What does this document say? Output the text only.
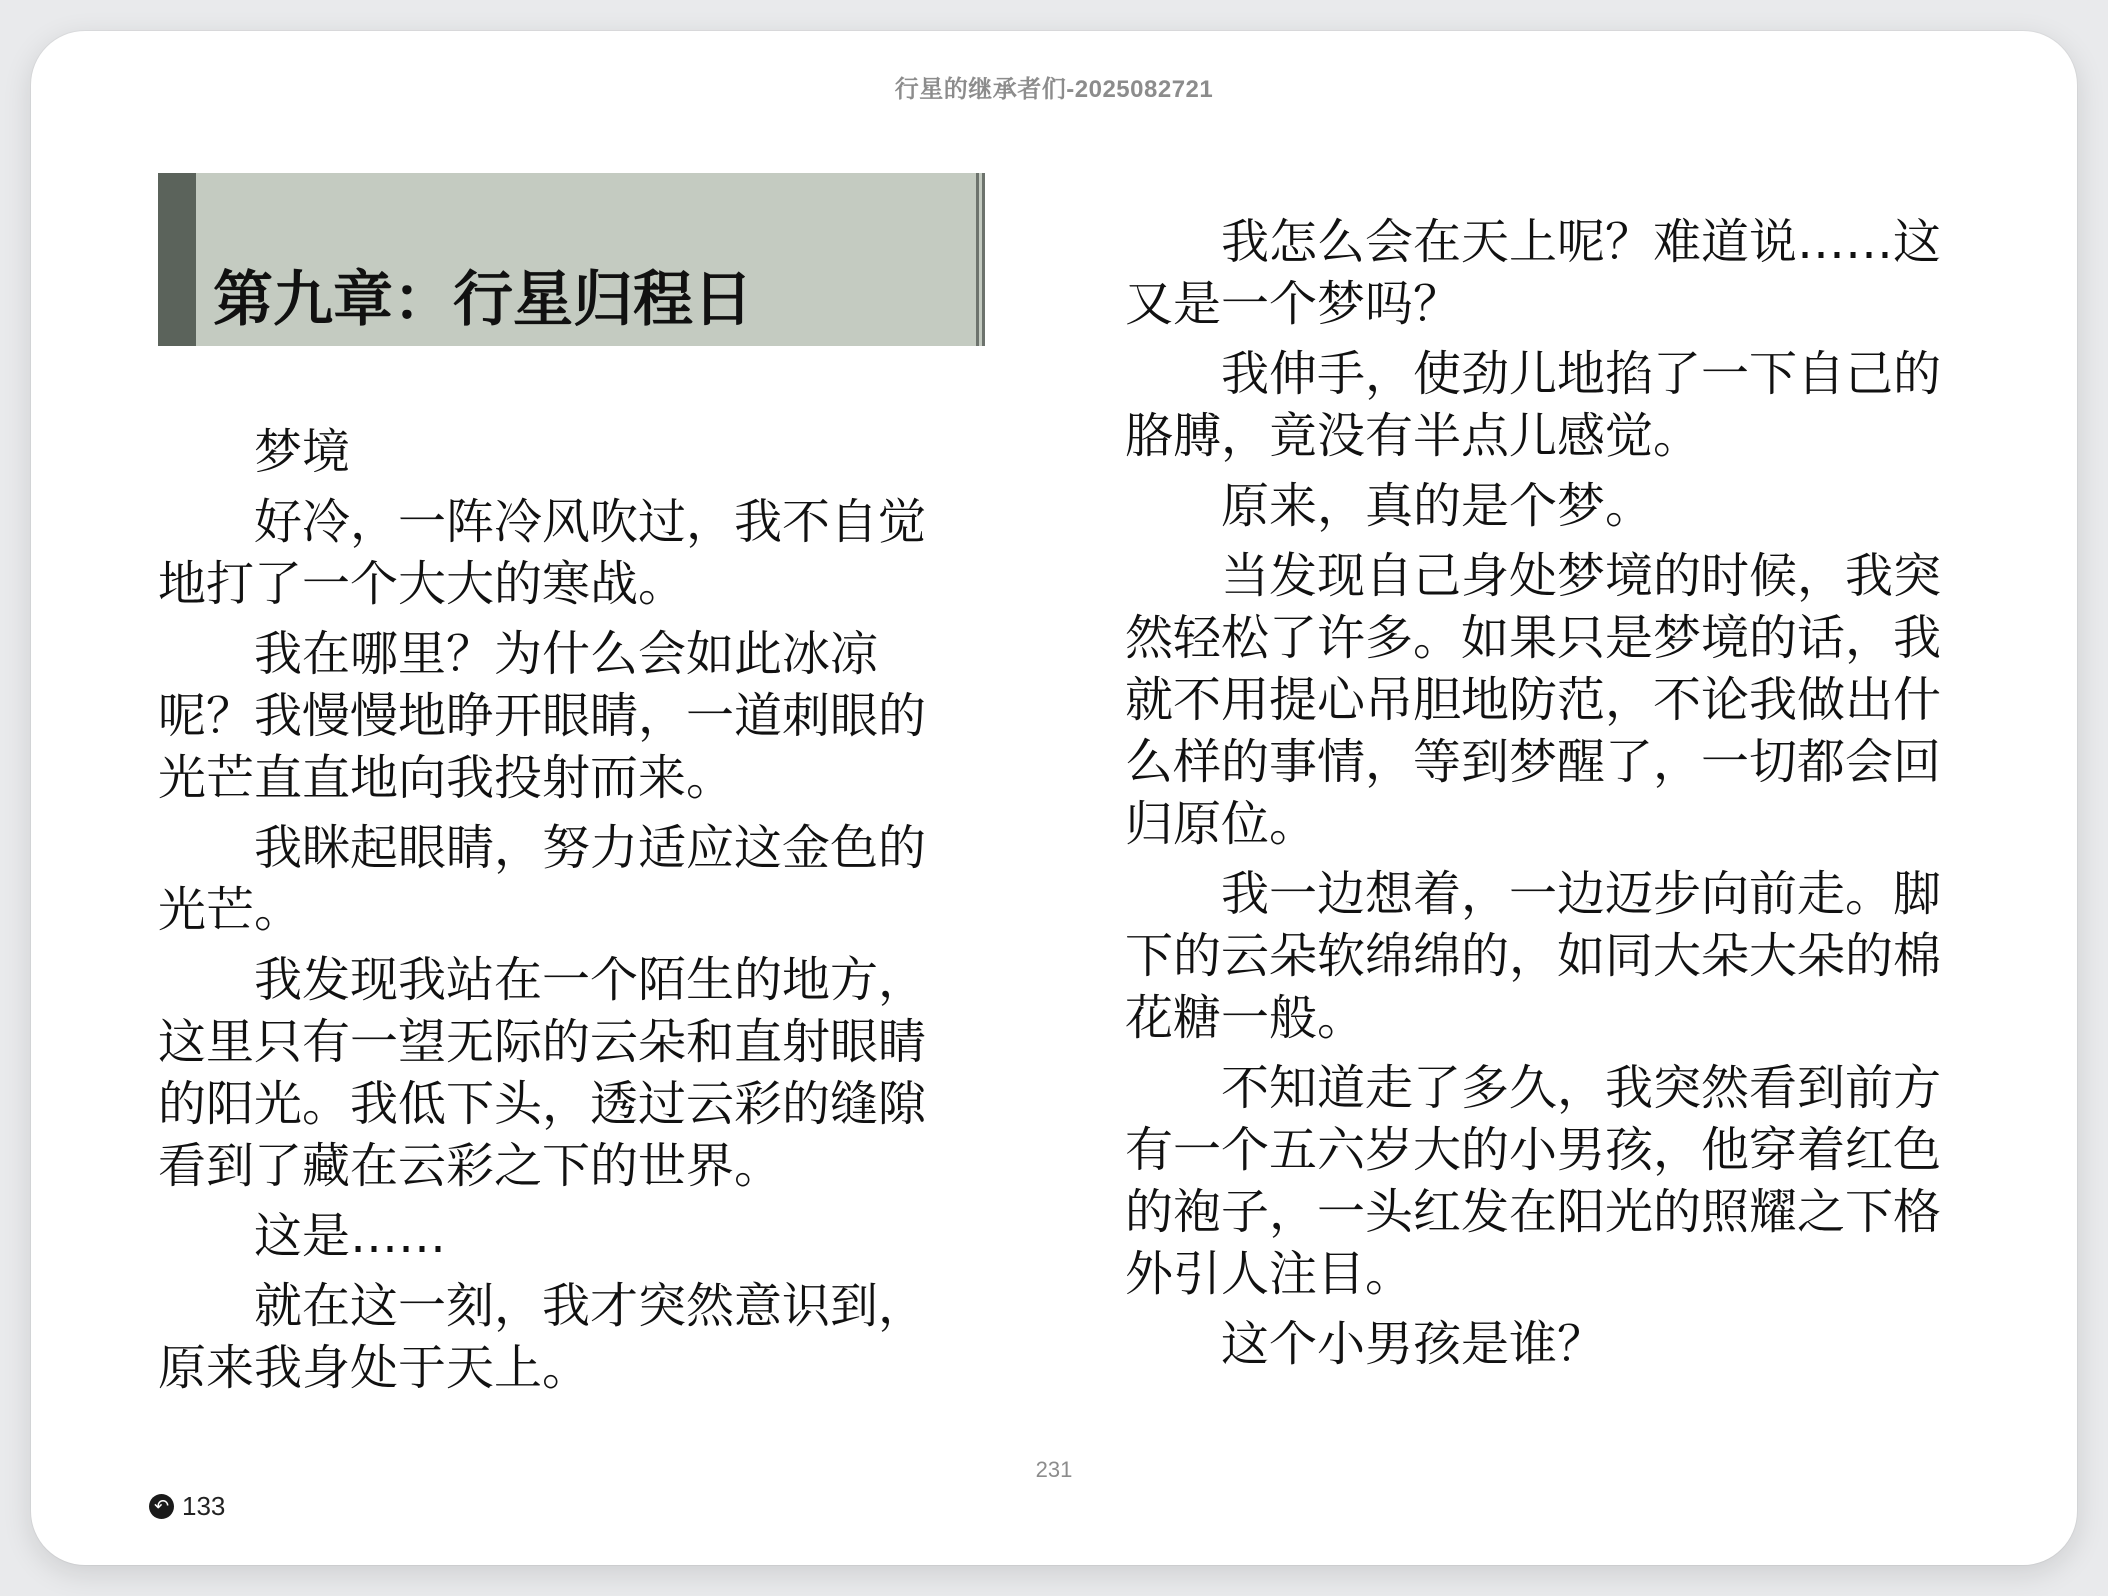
行星的继承者们-2025082721
第九章：行星归程日

梦境

好冷，一阵冷风吹过，我不自觉地打了一个大大的寒战。

我在哪里？为什么会如此冰凉呢？我慢慢地睁开眼睛，一道刺眼的光芒直直地向我投射而来。

我眯起眼睛，努力适应这金色的光芒。

我发现我站在一个陌生的地方，这里只有一望无际的云朵和直射眼睛的阳光。我低下头，透过云彩的缝隙看到了藏在云彩之下的世界。

这是……

就在这一刻，我才突然意识到，原来我身处于天上。

我怎么会在天上呢？难道说……这又是一个梦吗？

我伸手，使劲儿地掐了一下自己的胳膊，竟没有半点儿感觉。

原来，真的是个梦。

当发现自己身处梦境的时候，我突然轻松了许多。如果只是梦境的话，我就不用提心吊胆地防范，不论我做出什么样的事情，等到梦醒了，一切都会回归原位。

我一边想着，一边迈步向前走。脚下的云朵软绵绵的，如同大朵大朵的棉花糖一般。

不知道走了多久，我突然看到前方有一个五六岁大的小男孩，他穿着红色的袍子，一头红发在阳光的照耀之下格外引人注目。

这个小男孩是谁？

↶ 133
231
